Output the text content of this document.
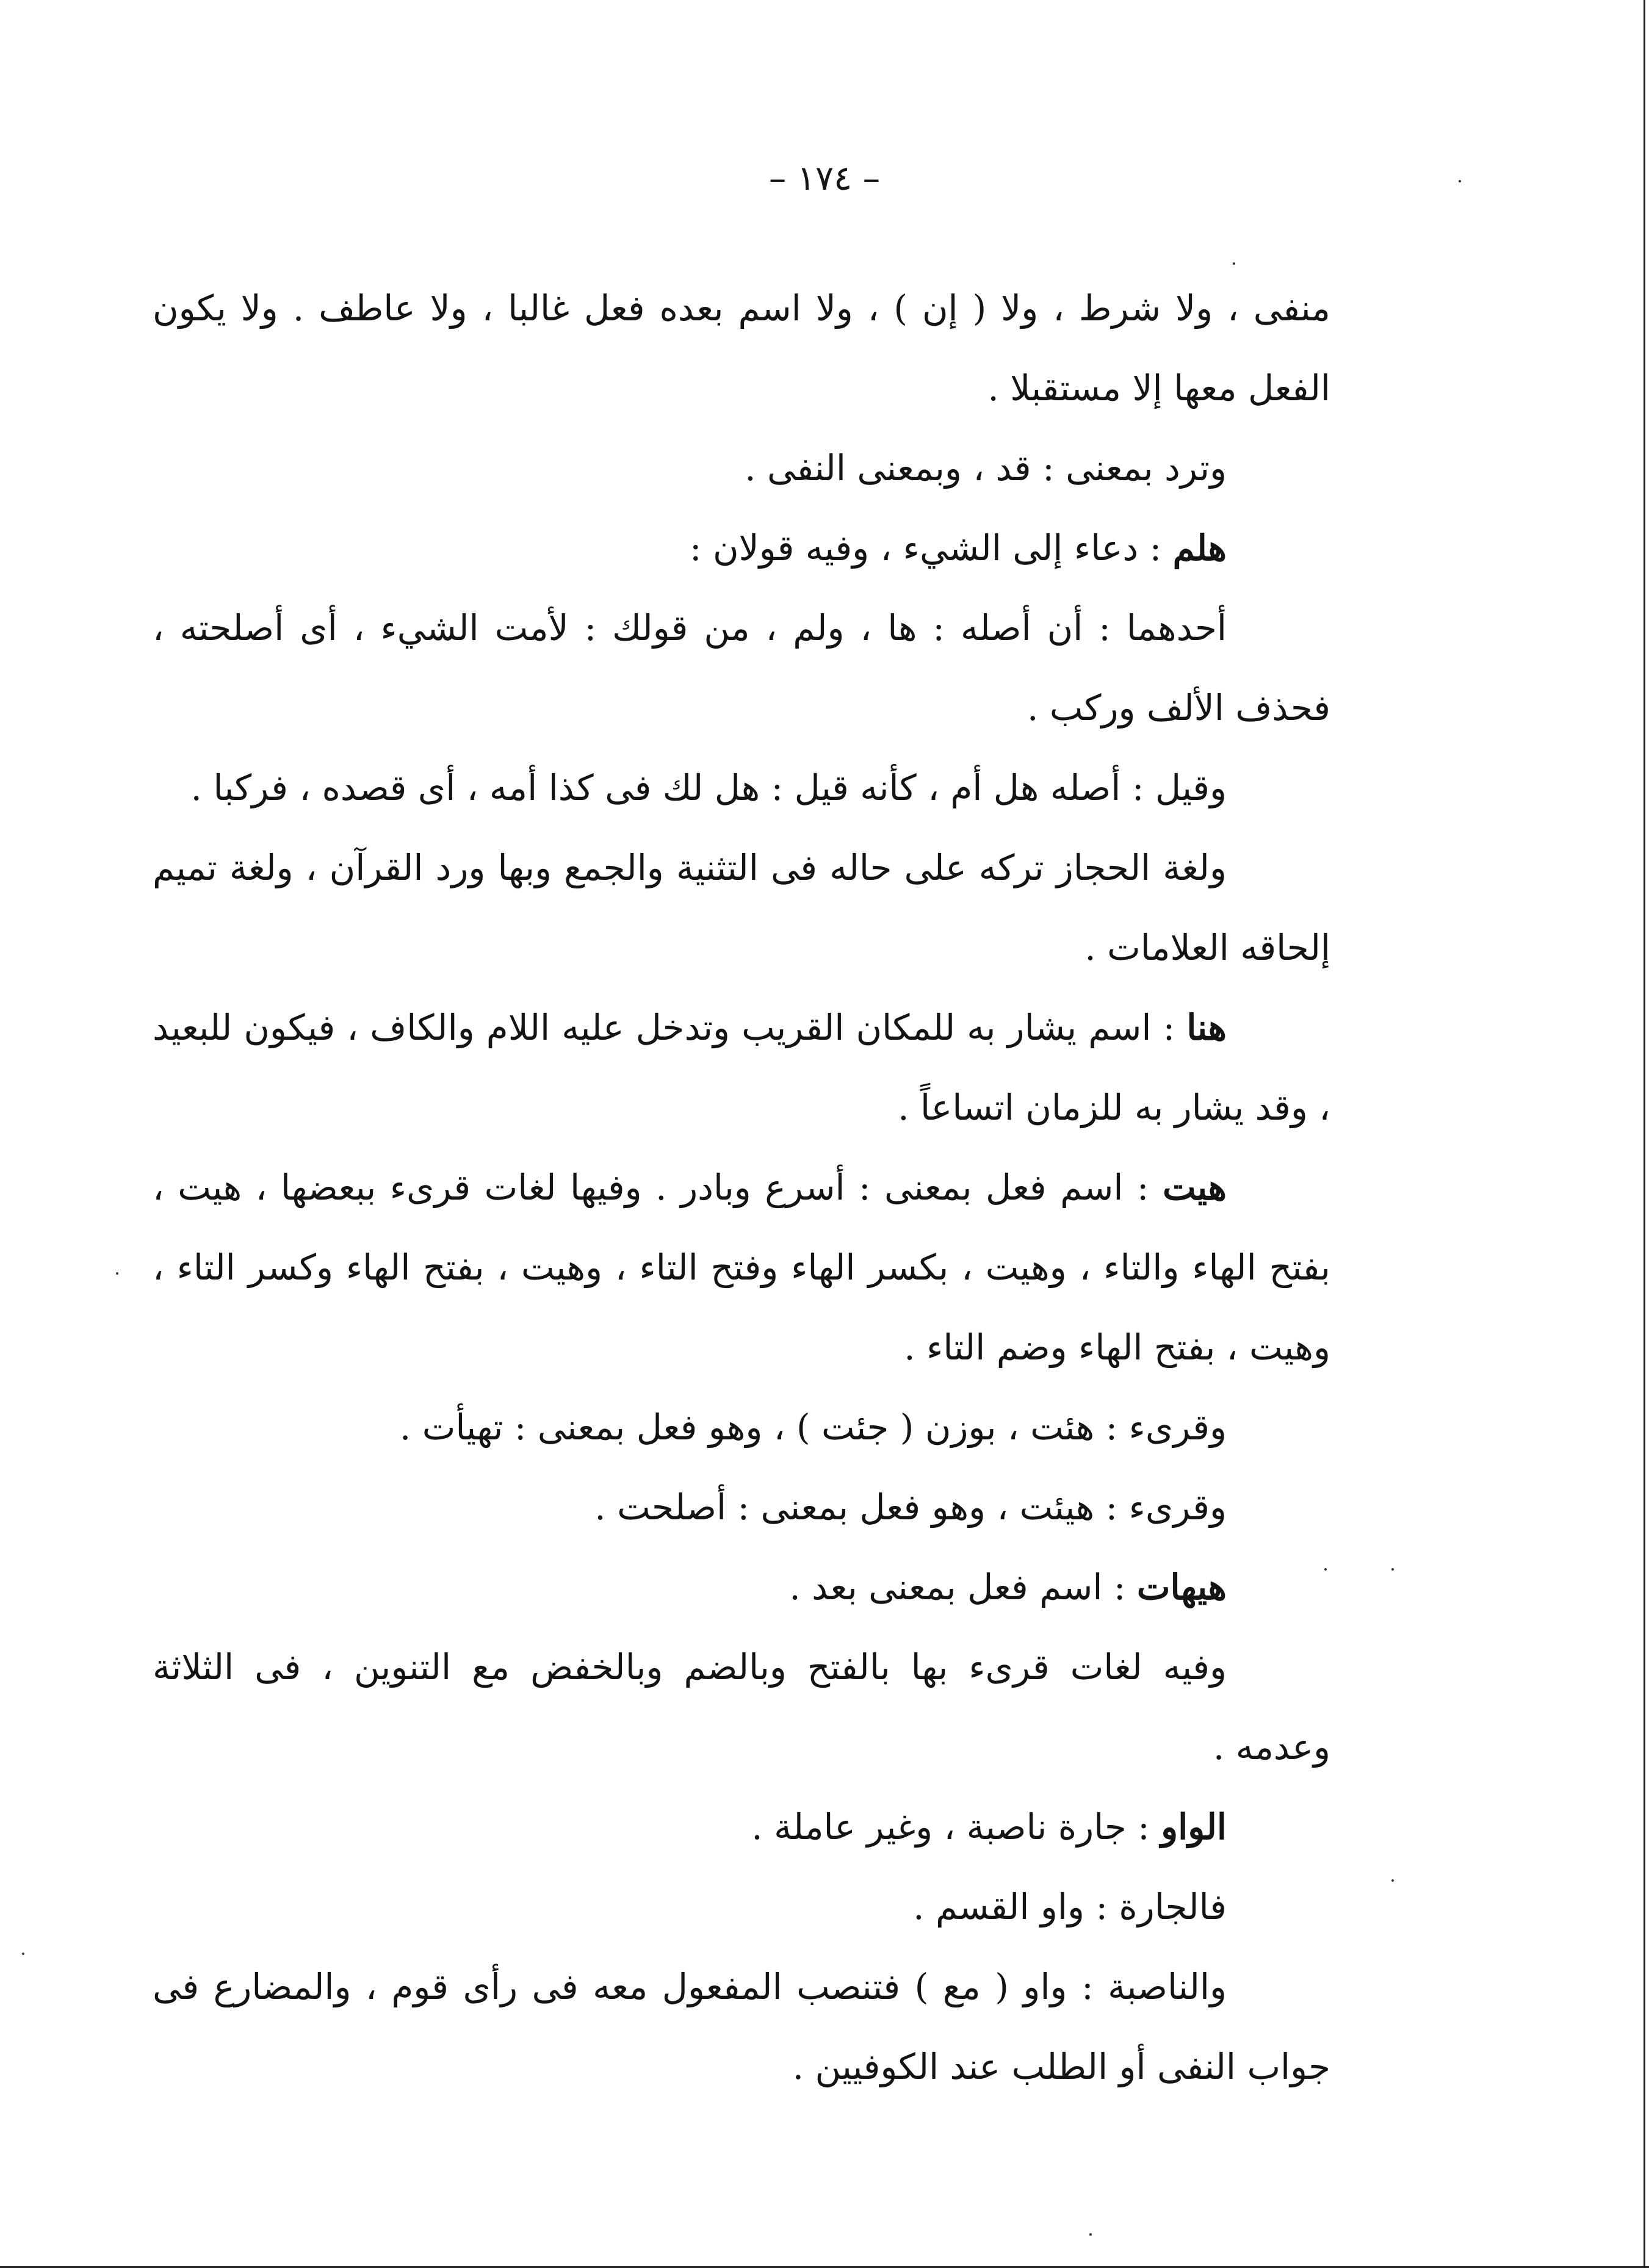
– ١٧٤ –

منفى ، ولا شرط ، ولا ( إن ) ، ولا اسم بعده فعل غالبا ، ولا عاطف . ولا يكون الفعل معها إلا مستقبلا .

وترد بمعنى : قد ، وبمعنى النفى .

هلم : دعاء إلى الشيء ، وفيه قولان :

أحدهما : أن أصله : ها ، ولم ، من قولك : لأمت الشيء ، أى أصلحته ، فحذف الألف وركب .

وقيل : أصله هل أم ، كأنه قيل : هل لك فى كذا أمه ، أى قصده ، فركبا .

ولغة الحجاز تركه على حاله فى التثنية والجمع وبها ورد القرآن ، ولغة تميم إلحاقه العلامات .

هنا : اسم يشار به للمكان القريب وتدخل عليه اللام والكاف ، فيكون للبعيد ، وقد يشار به للزمان اتساعاً .

هيت : اسم فعل بمعنى : أسرع وبادر . وفيها لغات قرىء ببعضها ، هيت ، بفتح الهاء والتاء ، وهيت ، بكسر الهاء وفتح التاء ، وهيت ، بفتح الهاء وكسر التاء ، وهيت ، بفتح الهاء وضم التاء .

وقرىء : هئت ، بوزن ( جئت ) ، وهو فعل بمعنى : تهيأت .

وقرىء : هيئت ، وهو فعل بمعنى : أصلحت .

هيهات : اسم فعل بمعنى بعد .

وفيه لغات قرىء بها بالفتح وبالضم وبالخفض مع التنوين ، فى الثلاثة وعدمه .

الواو : جارة ناصبة ، وغير عاملة .

فالجارة : واو القسم .

والناصبة : واو ( مع ) فتنصب المفعول معه فى رأى قوم ، والمضارع فى جواب النفى أو الطلب عند الكوفيين .
